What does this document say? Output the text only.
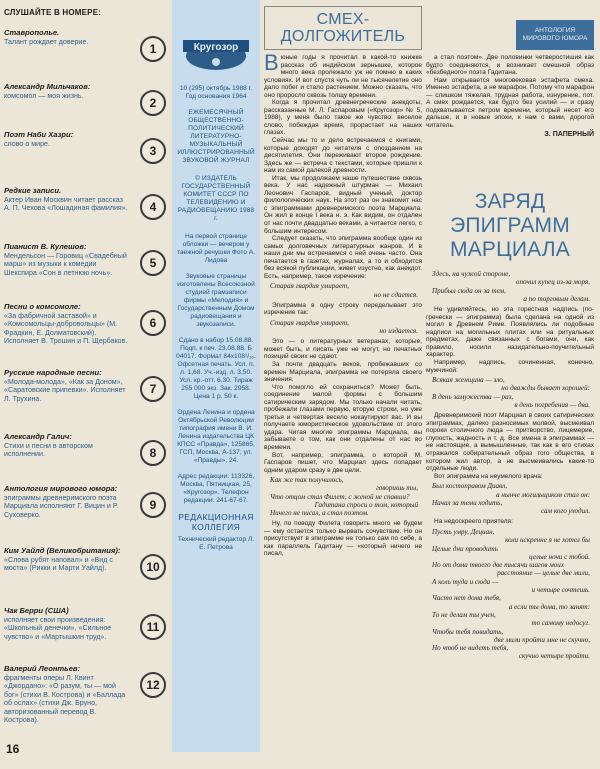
СЛУШАЙТЕ В НОМЕРЕ:
Ставропольe.
Талант рождает доверие.	1
Александр Мильчаков:
комсомол — моя жизнь.	2
Поэт Наби Хазри:
слово о мире.	3
Редкие записи.
Актер Иван Москвин читает рассказ А. П. Чехова «Лошадиная фамилия».	4
Пианист В. Кулешов:
Мендельсон — Горовиц «Свадебный марш» из музыки к комедии Шекспира «Сон в летнюю ночь».
5
Песни о комсомоле:
«За фабричной заставой» и «Комсомольцы-добровольцы» (М. Фрадкин, Е. Долматовский). Исполняет В. Трошин и П. Щербаков.
6
Русские народные песни:
«Молода-молода», «Как за Доном», «Саратовские припевки». Исполняет Л. Трухина.
7
Александр Галич:
Стихи и песни в авторском исполнении.	8
Антология мирового юмора:
эпиграммы древнеримского поэта Марциала исполняют Г. Вицин и Р. Суховерко.
9
Ким Уайлд (Великобритания):
«Слова рубят наповал» и «Вид с моста» (Рикки и Марти Уайлд).	10
Чак Берри (США)
исполняет свои произведения: «Школьный денечки», «Сильное чувство» и «Мартышкин труд».
11
Валерий Леонтьев:
фрагменты оперы Л. Квинт «Джордано»: «О разум, ты — мой бог» (стихи В. Кострова) и «Баллада об ослах» (стихи Дж. Бруно, авторизованный перевод В. Кострова).
12
Кругозор
10 (295) октябрь 1988 г. Год основания 1964
ЕЖЕМЕСЯЧНЫЙ ОБЩЕСТВЕННО-ПОЛИТИЧЕСКИЙ ЛИТЕРАТУРНО-МУЗЫКАЛЬНЫЙ ИЛЛЮСТРИРОВАННЫЙ ЗВУКОВОЙ ЖУРНАЛ
© ИЗДАТЕЛЬ ГОСУДАРСТВЕННЫЙ КОМИТЕТ СССР ПО ТЕЛЕВИДЕНИЮ И РАДИОВЕЩАНИЮ 1988 г.
На первой странице обложки — вечером у таежной речушки Фото А. Лидова
Звуковые страницы изготовлены Всесоюзной студией грамзаписи фирмы «Мелодия» и Государственным Домом радиовещания и звукозаписи.
Сдано в набор 15.08.88. Подп. к печ. 23.08.88. Б 04017. Формат 84х108¹/₁₆. Офсетная печать. Усл. п. л. 1,68. Уч.-изд. л. 3,50. Усл. кр.-отт. 6,30. Тираж 255 000 экз. Зак. 2958. Цена 1 р. 50 к.
Ордена Ленина и ордена Октябрьской Революции типография имени В. И. Ленина издательства ЦК КПСС «Правда», 125865, ГСП, Москва, А-137, ул. «Правды», 24.
Адрес редакции: 113326, Москва, Пятницкая, 25, «Кругозор». Телефон редакции: 241-67-67.
РЕДАКЦИОННАЯ КОЛЛЕГИЯ
Технический редактор Л. Е. Петрова
СМЕХ-ДОЛГОЖИТЕЛЬ

Вюные годы я прочитал в какой-то книжке рассказ об индийском зернышке, которое много века пролежало уж не помню в каких условиях. И вот спустя чуть ли не тысячелетие оно дало побег и стало растением. Можно сказать, что оно проросло сквозь толщу времени.

Когда я прочитал древнегреческие анекдоты, рассказанные М. Л. Гаспаровым («Кругозор» № 5, 1988), у меня было такое же чувство: веселое слово, побеждая время, прорастает на наших глазах.

Сейчас мы то и дело встречаемся с книгами, которые доходят до читателя с опозданием на десятилетия. Они переживают второе рождение. Здесь же — встреча с текстами, которые пришли к нам из самой далекой древности.

Итак, мы продолжаем наше путешествие сквозь века. У нас надежный штурман — Михаил Леонович Гаспаров, видный ученый, доктор филологических наук. На этот раз он знакомит нас с эпиграммами древнеримского поэта Марциала. Он жил в конце I века н. э. Как видим, он отдален от нас почти двадцатью веками, а читается легко, с большим интересом.

Следует сказать, что эпиграмма вообще один из самых долговечных литературных жанров. И в наши дни мы встречаемся с ней очень часто. Она печатается в газетах, журналах, а то и обходится без всякой публикации, живет изустно, как анекдот. Есть, например, такое изречение:

Старая гвардия умирает,
но не сдается.

Эпиграмма в одну строку переделывает это изречение так:

Старая гвардия умирает,
но издается.

Это — о литературных ветеранах, которые, может быть, и писать уже не могут, но печатных позиций своих не сдают.

За почти двадцать веков, пробежавших со времен Марциала, эпиграмма не потеряла своего значения.

Что помогло ей сохраниться? Может быть, соединение малой формы с большим сатирическим зарядом. Мы только начали читать, пробежали глазами первую, вторую строки, но уже третья и четвертая весело нокаутируют вас. И вы получаете юмористическое удовольствие от этого удара. Читая многие эпиграммы Марциала, вы забываете о том, как они отдалены от нас во времени.

Вот, например, эпиграмма, о которой М. Гаспаров пишет, что Марциал здесь попадает одним ударом сразу в две цели.

Как же так получилось,
говоришь ты,
Что отцом стал Филет, с женой не спавши?
Гадитана спроси о том, который
Ничего не писал, а стал поэтом.

Ну, по поводу Филета говорить много не будем — ему остается только вырвать сочувствие. Но он присутствует в эпиграмме не только сам по себе, а как параллель Гадитану — «который ничего не писал,

АНТОЛОГИЯ МИРОВОГО ЮМОРА

а стал поэтом». Две половинки четверостишия как будто соединяются, и возникает смешной образ «безбедного» поэта Гадитана.

Нам открывается многовековая эстафета смеха. Именно эстафета, а не марафон. Потому что марафон — слишком тяжелая, трудная работа, изнурение, пот. А смех рождается, как будто без усилий — и сразу подхватывается петром времени, который несет его дальше, и в новые эпохи, к нам с вами, дорогой читатель.

З. ПАПЕРНЫЙ

ЗАРЯД ЭПИГРАММ МАРЦИАЛА
Здесь, на чужой стороне,
опочил купец из-за моря,
Прибыл сюда он за тем,
а по торговым делам.

Не удивляйтесь, но эта горестная надпись (по-гречески — эпиграмма) была сделана на одной из могил в Древнем Риме. Появлялись ли подобные надписи на могильных плитах или на ритуальных предметах, даже связанных с богами, они, как правило, носили назидательно-поучительный характер.

Например, надпись, сочиненная, конечно, мужчиной:

Всякая женщина — зло,
но дважды бывает хорошей:
В день замужества — раз,
в день погребения — два.

Древнеримский поэт Марциал в своих сатирических эпиграммах, далеко разносимых молвой, высмеивал пороки столичного люда — притворство, лицемерие, глупость, жадность и т. д. Все имена в эпиграммах — не настоящие, а вымышленные, так как в его стихах отражался собирательный образ того общества, в котором жил автор, а не высмеивались какие-то отдельные люди.

Вот эпиграмма на неумелого врача:

Был костоправом Диавл,
а нынче могильщиком стал он:
Начал за теми ходить,
сам кого уходил.

На недоскреего приятеля:

Пусть умру, Дециан,
коли искренне я не хотел бы
Целые дни проводить
целые ночи с тобой.
Но от дома твоего две тысячи шагов моих
расстояние — целые две мили,
А коль туда и сюда —
и четыре сочтешь.
Часто нет дома тебя,
а если ты дома, то занят:
То не делам ты учен,
то самому недосуг.
Чтобы тебя повидать,
две мили пройти мне не скучно,
Но чтоб не видеть тебя,
скучно четыре пройти.
16
